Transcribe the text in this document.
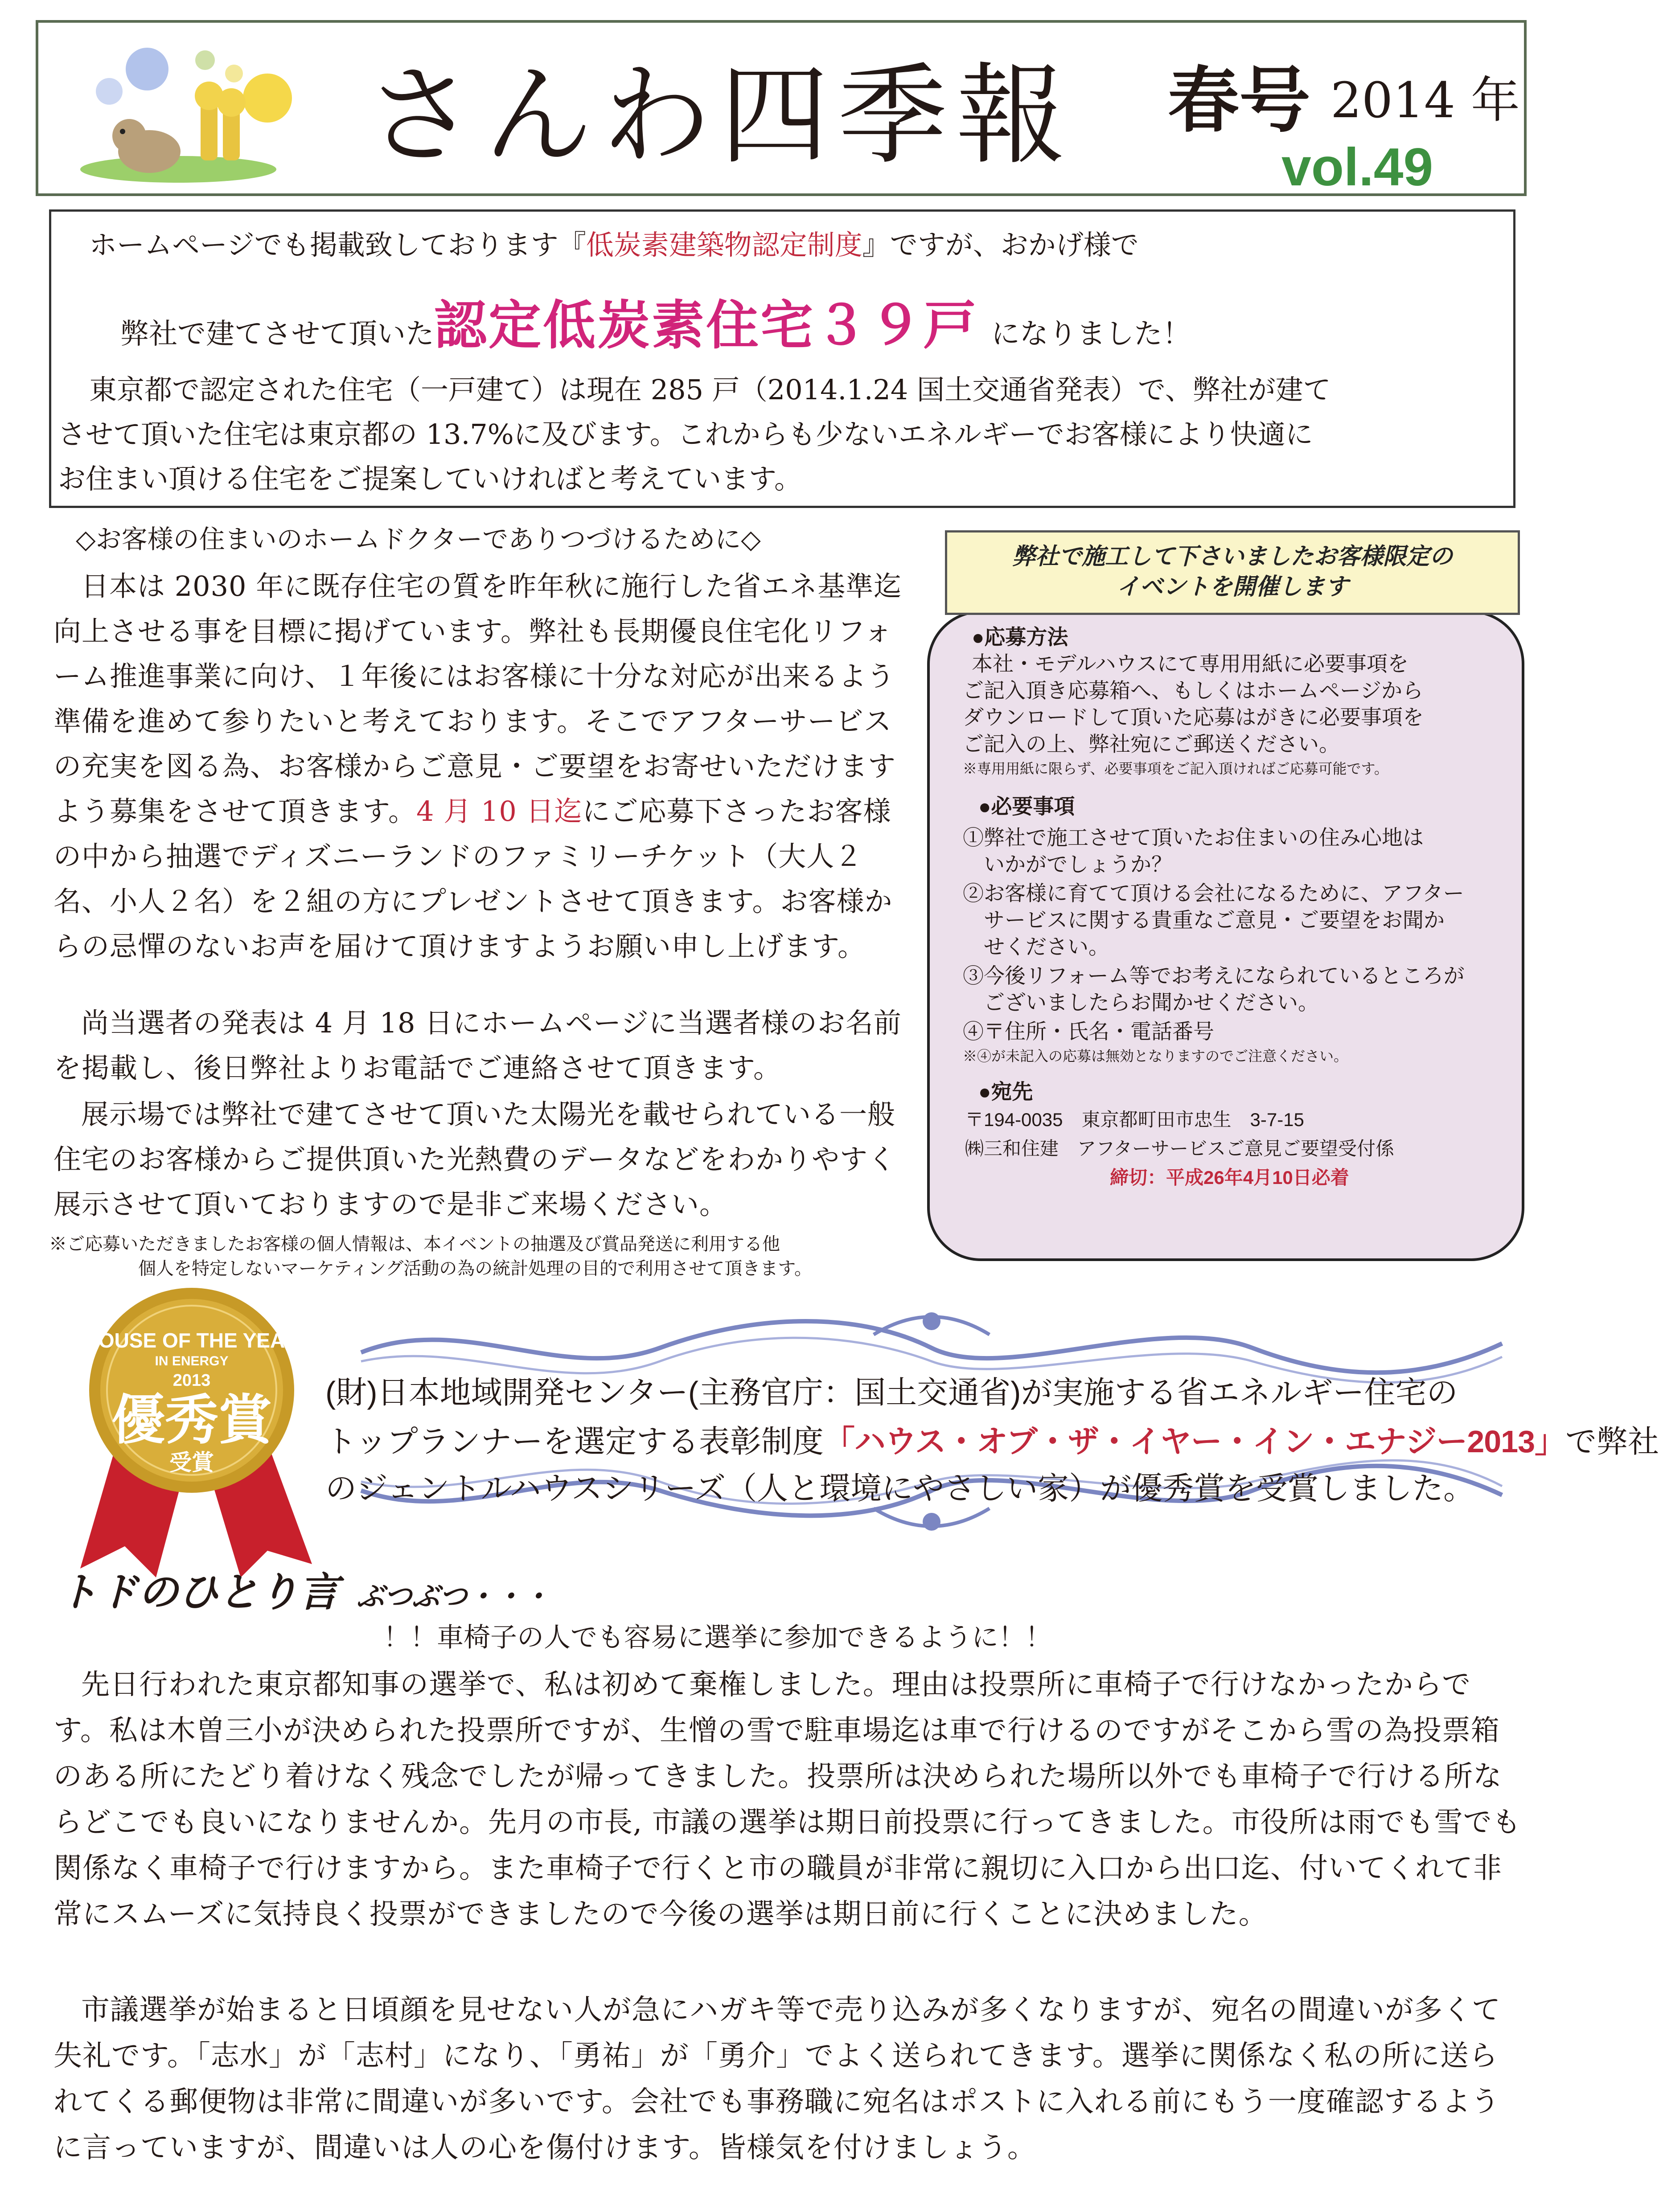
さんわ四季報 春号 2014 年
vol.49
ホームページでも掲載致しております『低炭素建築物認定制度』ですが、おかげ様で
弊社で建てさせて頂いた認定低炭素住宅３９戸 になりました！
東京都で認定された住宅（一戸建て）は現在 285 戸（2014.1.24 国土交通省発表）で、弊社が建て
させて頂いた住宅は東京都の 13.7%に及びます。これからも少ないエネルギーでお客様により快適に
お住まい頂ける住宅をご提案していければと考えています。
◇お客様の住まいのホームドクターでありつづけるために◇

日本は 2030 年に既存住宅の質を昨年秋に施行した省エネ基準迄向上させる事を目標に掲げています。弊社も長期優良住宅化リフォーム推進事業に向け、１年後にはお客様に十分な対応が出来るよう準備を進めて参りたいと考えております。そこでアフターサービスの充実を図る為、お客様からご意見・ご要望をお寄せいただけますよう募集をさせて頂きます。4 月 10 日迄にご応募下さったお客様の中から抽選でディズニーランドのファミリーチケット（大人２名、小人２名）を２組の方にプレゼントさせて頂きます。お客様からの忌憚のないお声を届けて頂けますようお願い申し上げます。

尚当選者の発表は 4 月 18 日にホームページに当選者様のお名前を掲載し、後日弊社よりお電話でご連絡させて頂きます。
展示場では弊社で建てさせて頂いた太陽光を載せられている一般住宅のお客様からご提供頂いた光熱費のデータなどをわかりやすく展示させて頂いておりますので是非ご来場ください。
※ご応募いただきましたお客様の個人情報は、本イベントの抽選及び賞品発送に利用する他
個人を特定しないマーケティング活動の為の統計処理の目的で利用させて頂きます。
弊社で施工して下さいましたお客様限定の
イベントを開催します
●応募方法
本社・モデルハウスにて専用用紙に必要事項を
ご記入頂き応募箱へ、もしくはホームページから
ダウンロードして頂いた応募はがきに必要事項を
ご記入の上、弊社宛にご郵送ください。
※専用用紙に限らず、必要事項をご記入頂ければご応募可能です。
●必要事項
①弊社で施工させて頂いたお住まいの住み心地は
　いかがでしょうか？
②お客様に育てて頂ける会社になるために、アフター
　サービスに関する貴重なご意見・ご要望をお聞か
　せください。
③今後リフォーム等でお考えになられているところが
　ございましたらお聞かせください。
④〒住所・氏名・電話番号
※④が未記入の応募は無効となりますのでご注意ください。
●宛先
〒194-0035　東京都町田市忠生　3-7-15
㈱三和住建　アフターサービスご意見ご要望受付係
締切：平成26年4月10日必着
HOUSE OF THE YEAR
IN ENERGY
2013
優秀賞
受賞
(財)日本地域開発センター(主務官庁：国土交通省)が実施する省エネルギー住宅の
トップランナーを選定する表彰制度「ハウス・オブ・ザ・イヤー・イン・エナジー2013」で弊社
のジェントルハウスシリーズ（人と環境にやさしい家）が優秀賞を受賞しました。
トドのひとり言 ぶつぶつ・・・
！！車椅子の人でも容易に選挙に参加できるように！！
先日行われた東京都知事の選挙で、私は初めて棄権しました。理由は投票所に車椅子で行けなかったからです。私は木曽三小が決められた投票所ですが、生憎の雪で駐車場迄は車で行けるのですがそこから雪の為投票箱のある所にたどり着けなく残念でしたが帰ってきました。投票所は決められた場所以外でも車椅子で行ける所ならどこでも良いになりませんか。先月の市長, 市議の選挙は期日前投票に行ってきました。市役所は雨でも雪でも関係なく車椅子で行けますから。また車椅子で行くと市の職員が非常に親切に入口から出口迄、付いてくれて非常にスムーズに気持良く投票ができましたので今後の選挙は期日前に行くことに決めました。
市議選挙が始まると日頃顔を見せない人が急にハガキ等で売り込みが多くなりますが、宛名の間違いが多くて失礼です。「志水」が「志村」になり、「勇祐」が「勇介」でよく送られてきます。選挙に関係なく私の所に送られてくる郵便物は非常に間違いが多いです。会社でも事務職に宛名はポストに入れる前にもう一度確認するように言っていますが、間違いは人の心を傷付けます。皆様気を付けましょう。
